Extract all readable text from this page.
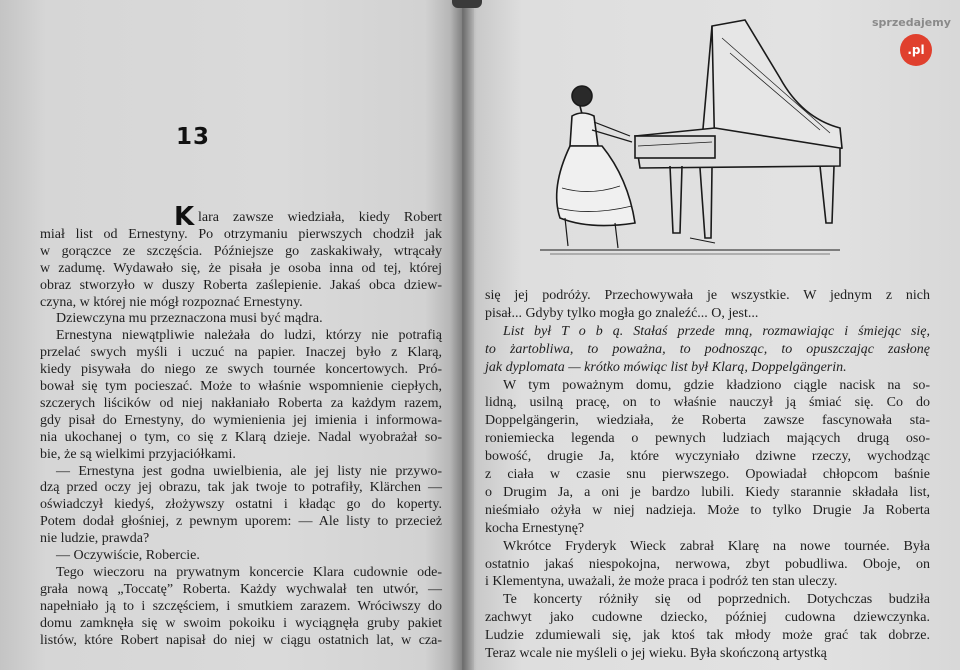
13
K
sprzedajemy
.pl
lara zawsze wiedziała, kiedy Robert
miał list od Ernestyny. Po otrzymaniu pierwszych chodził jak
w gorączce ze szczęścia. Późniejsze go zaskakiwały, wtrącały
w zadumę. Wydawało się, że pisała je osoba inna od tej, której
obraz stworzyło w duszy Roberta zaślepienie. Jakaś obca dziew-
czyna, w której nie mógł rozpoznać Ernestyny.
Dziewczyna mu przeznaczona musi być mądra.
Ernestyna niewątpliwie należała do ludzi, którzy nie potrafią
przelać swych myśli i uczuć na papier. Inaczej było z Klarą,
kiedy pisywała do niego ze swych tournée koncertowych. Pró-
bował się tym pocieszać. Może to właśnie wspomnienie ciepłych,
szczerych liścików od niej nakłaniało Roberta za każdym razem,
gdy pisał do Ernestyny, do wymienienia jej imienia i informowa-
nia ukochanej o tym, co się z Klarą dzieje. Nadal wyobrażał so-
bie, że są wielkimi przyjaciółkami.
— Ernestyna jest godna uwielbienia, ale jej listy nie przywo-
dzą przed oczy jej obrazu, tak jak twoje to potrafiły, Klärchen —
oświadczył kiedyś, złożywszy ostatni i kładąc go do koperty.
Potem dodał głośniej, z pewnym uporem: — Ale listy to przecież
nie ludzie, prawda?
— Oczywiście, Robercie.
Tego wieczoru na prywatnym koncercie Klara cudownie ode-
grała nową „Toccatę” Roberta. Każdy wychwalał ten utwór, —
napełniało ją to i szczęściem, i smutkiem zarazem. Wróciwszy do
domu zamknęła się w swoim pokoiku i wyciągnęła gruby pakiet
listów, które Robert napisał do niej w ciągu ostatnich lat, w cza-
się jej podróży. Przechowywała je wszystkie. W jednym z nich
pisał... Gdyby tylko mogła go znaleźć... O, jest...
List był T o b ą. Stałaś przede mną, rozmawiając i śmiejąc się,
to żartobliwa, to poważna, to podnosząc, to opuszczając zasłonę
jak dyplomata — krótko mówiąc list był Klarą, Doppelgängerin.
W tym poważnym domu, gdzie kładziono ciągle nacisk na so-
lidną, usilną pracę, on to właśnie nauczył ją śmiać się. Co do
Doppelgängerin, wiedziała, że Roberta zawsze fascynowała sta-
roniemiecka legenda o pewnych ludziach mających drugą oso-
bowość, drugie Ja, które wyczyniało dziwne rzeczy, wychodząc
z ciała w czasie snu pierwszego. Opowiadał chłopcom baśnie
o Drugim Ja, a oni je bardzo lubili. Kiedy starannie składała list,
nieśmiało ożyła w niej nadzieja. Może to tylko Drugie Ja Roberta
kocha Ernestynę?
Wkrótce Fryderyk Wieck zabrał Klarę na nowe tournée. Była
ostatnio jakaś niespokojna, nerwowa, zbyt pobudliwa. Oboje, on
i Klementyna, uważali, że może praca i podróż ten stan uleczy.
Te koncerty różniły się od poprzednich. Dotychczas budziła
zachwyt jako cudowne dziecko, później cudowna dziewczynka.
Ludzie zdumiewali się, jak ktoś tak młody może grać tak dobrze.
Teraz wcale nie myśleli o jej wieku. Była skończoną artystką
